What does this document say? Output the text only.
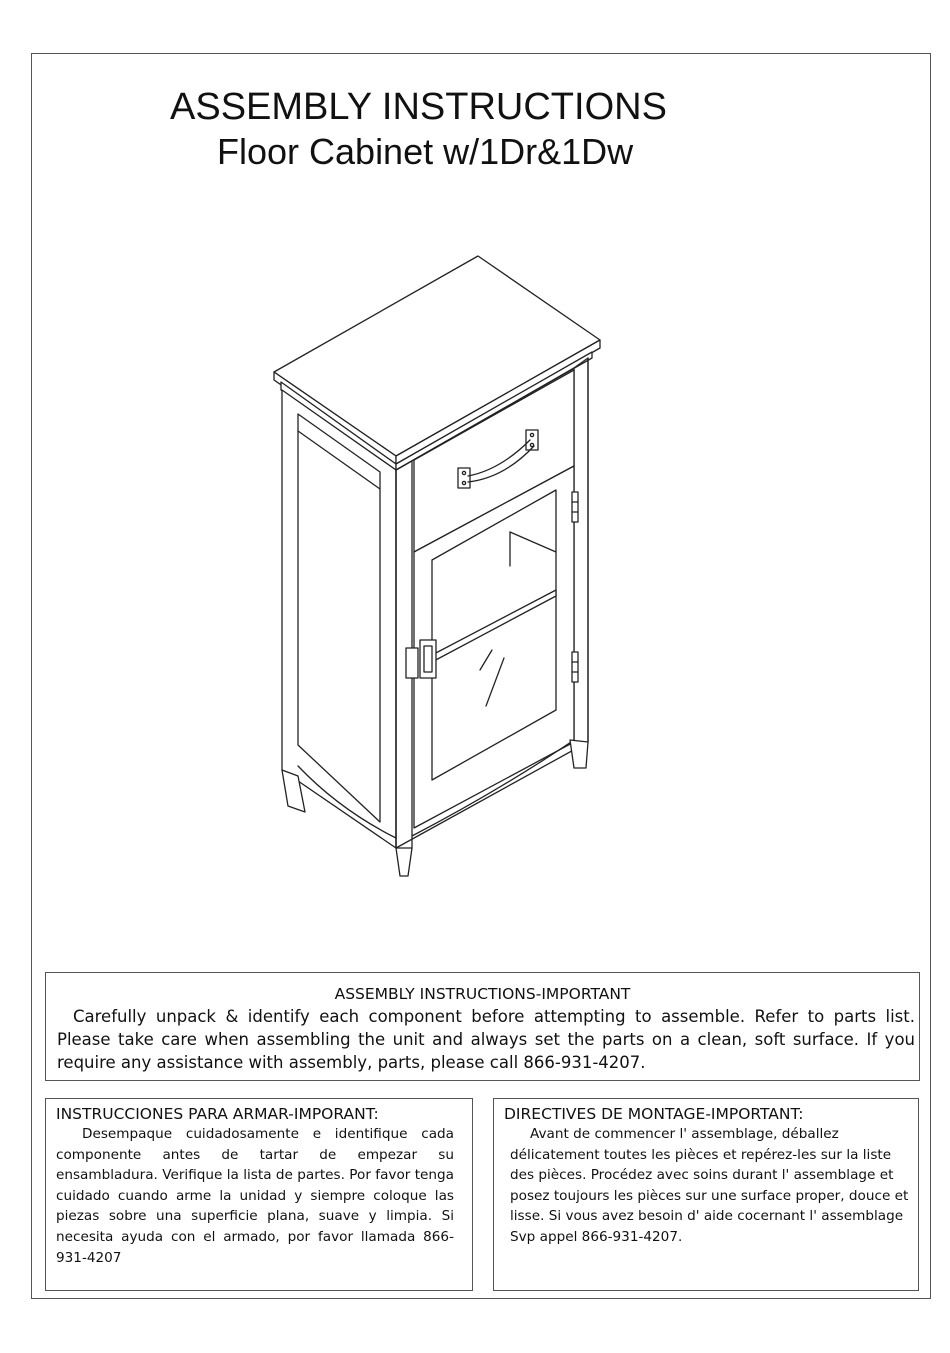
ASSEMBLY INSTRUCTIONS
Floor Cabinet w/1Dr&1Dw
ASSEMBLY INSTRUCTIONS-IMPORTANT
Carefully unpack & identify each component before attempting to assemble. Refer to parts list. Please take care when assembling the unit and always set the parts on a clean, soft surface. If you require any assistance with assembly, parts, please call 866-931-4207.
INSTRUCCIONES PARA ARMAR-IMPORANT:
Desempaque cuidadosamente e identifique cada componente antes de tartar de empezar su ensambladura. Verifique la lista de partes. Por favor tenga cuidado cuando arme la unidad y siempre coloque las piezas sobre una superficie plana, suave y limpia. Si necesita ayuda con el armado, por favor llamada 866-931-4207
DIRECTIVES DE MONTAGE-IMPORTANT:
Avant de commencer l' assemblage, déballez délicatement toutes les pièces et repérez-les sur la liste des pièces. Procédez avec soins durant l' assemblage et posez toujours les pièces sur une surface proper, douce et lisse. Si vous avez besoin d' aide cocernant l' assemblage Svp appel 866-931-4207.
